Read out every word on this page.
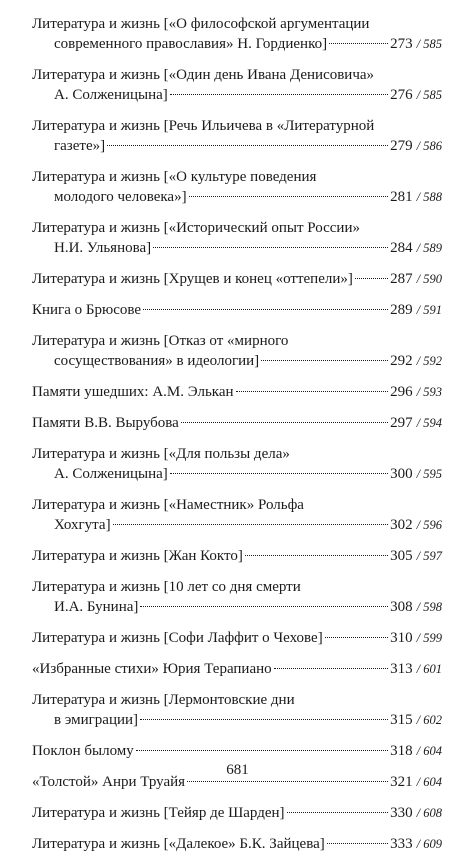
Литература и жизнь [«О философской аргументации
современного православия» Н. Гордиенко]	273 / 585
Литература и жизнь [«Один день Ивана Денисовича»
А. Солженицына]	276 / 585
Литература и жизнь [Речь Ильичева в «Литературной
газете»]	279 / 586
Литература и жизнь [«О культуре поведения
молодого человека»]	281 / 588
Литература и жизнь [«Исторический опыт России»
Н.И. Ульянова]	284 / 589
Литература и жизнь [Хрущев и конец «оттепели»] 287 / 590
Книга о Брюсове	289 / 591
Литература и жизнь [Отказ от «мирного
сосуществования» в идеологии]	292 / 592
Памяти ушедших: А.М. Элькан	296 / 593
Памяти В.В. Вырубова	297 / 594
Литература и жизнь [«Для пользы дела»
А. Солженицына]	300 / 595
Литература и жизнь [«Наместник» Рольфа
Хохгута]	302 / 596
Литература и жизнь [Жан Кокто]	305 / 597
Литература и жизнь [10 лет со дня смерти
И.А. Бунина]	308 / 598
Литература и жизнь [Софи Лаффит о Чехове]	310 / 599
«Избранные стихи» Юрия Терапиано	313 / 601
Литература и жизнь [Лермонтовские дни
в эмиграции]	315 / 602
Поклон былому	318 / 604
«Толстой» Анри Труайя	321 / 604
Литература и жизнь [Тейяр де Шарден]	330 / 608
Литература и жизнь [«Далекое» Б.К. Зайцева]	333 / 609
681
